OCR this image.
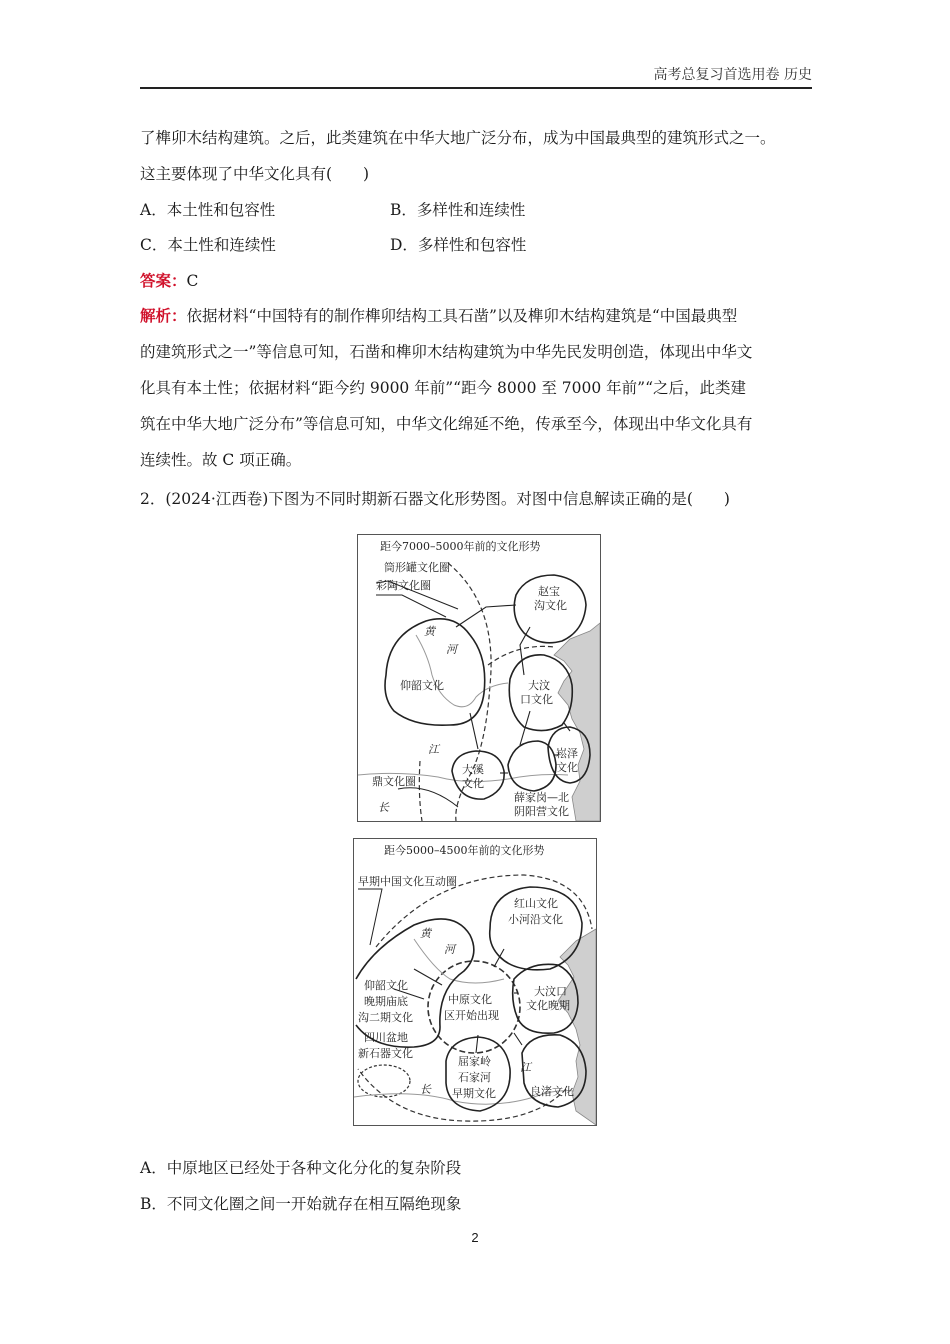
高考总复习首选用卷 历史
了榫卯木结构建筑。之后，此类建筑在中华大地广泛分布，成为中国最典型的建筑形式之一。
这主要体现了中华文化具有(　　)
A．本土性和包容性	B．多样性和连续性
C．本土性和连续性	D．多样性和包容性
答案：C
解析：依据材料“中国特有的制作榫卯结构工具石凿”以及榫卯木结构建筑是“中国最典型
的建筑形式之一”等信息可知，石凿和榫卯木结构建筑为中华先民发明创造，体现出中华文
化具有本土性；依据材料“距今约 9000 年前”“距今 8000 至 7000 年前”“之后，此类建
筑在中华大地广泛分布”等信息可知，中华文化绵延不绝，传承至今，体现出中华文化具有
连续性。故 C 项正确。
2．(2024·江西卷)下图为不同时期新石器文化形势图。对图中信息解读正确的是(　　)
距今7000–5000年前的文化形势
筒形罐文化圈
彩陶文化圈	赵宝
沟文化
黄
河
仰韶文化	大汶
口文化
崧泽
文化
江
大溪
文化
鼎文化圈
长
薛家岗—北
阴阳营文化
距今5000–4500年前的文化形势
早期中国文化互动圈
红山文化
小河沿文化
黄
河
大汶口
文化晚期
仰韶文化
晚期庙底
沟二期文化
中原文化
区开始出现
四川盆地
新石器文化
屈家岭
石家河
早期文化
江
长	良渚文化
A．中原地区已经处于各种文化分化的复杂阶段
B．不同文化圈之间一开始就存在相互隔绝现象
2
